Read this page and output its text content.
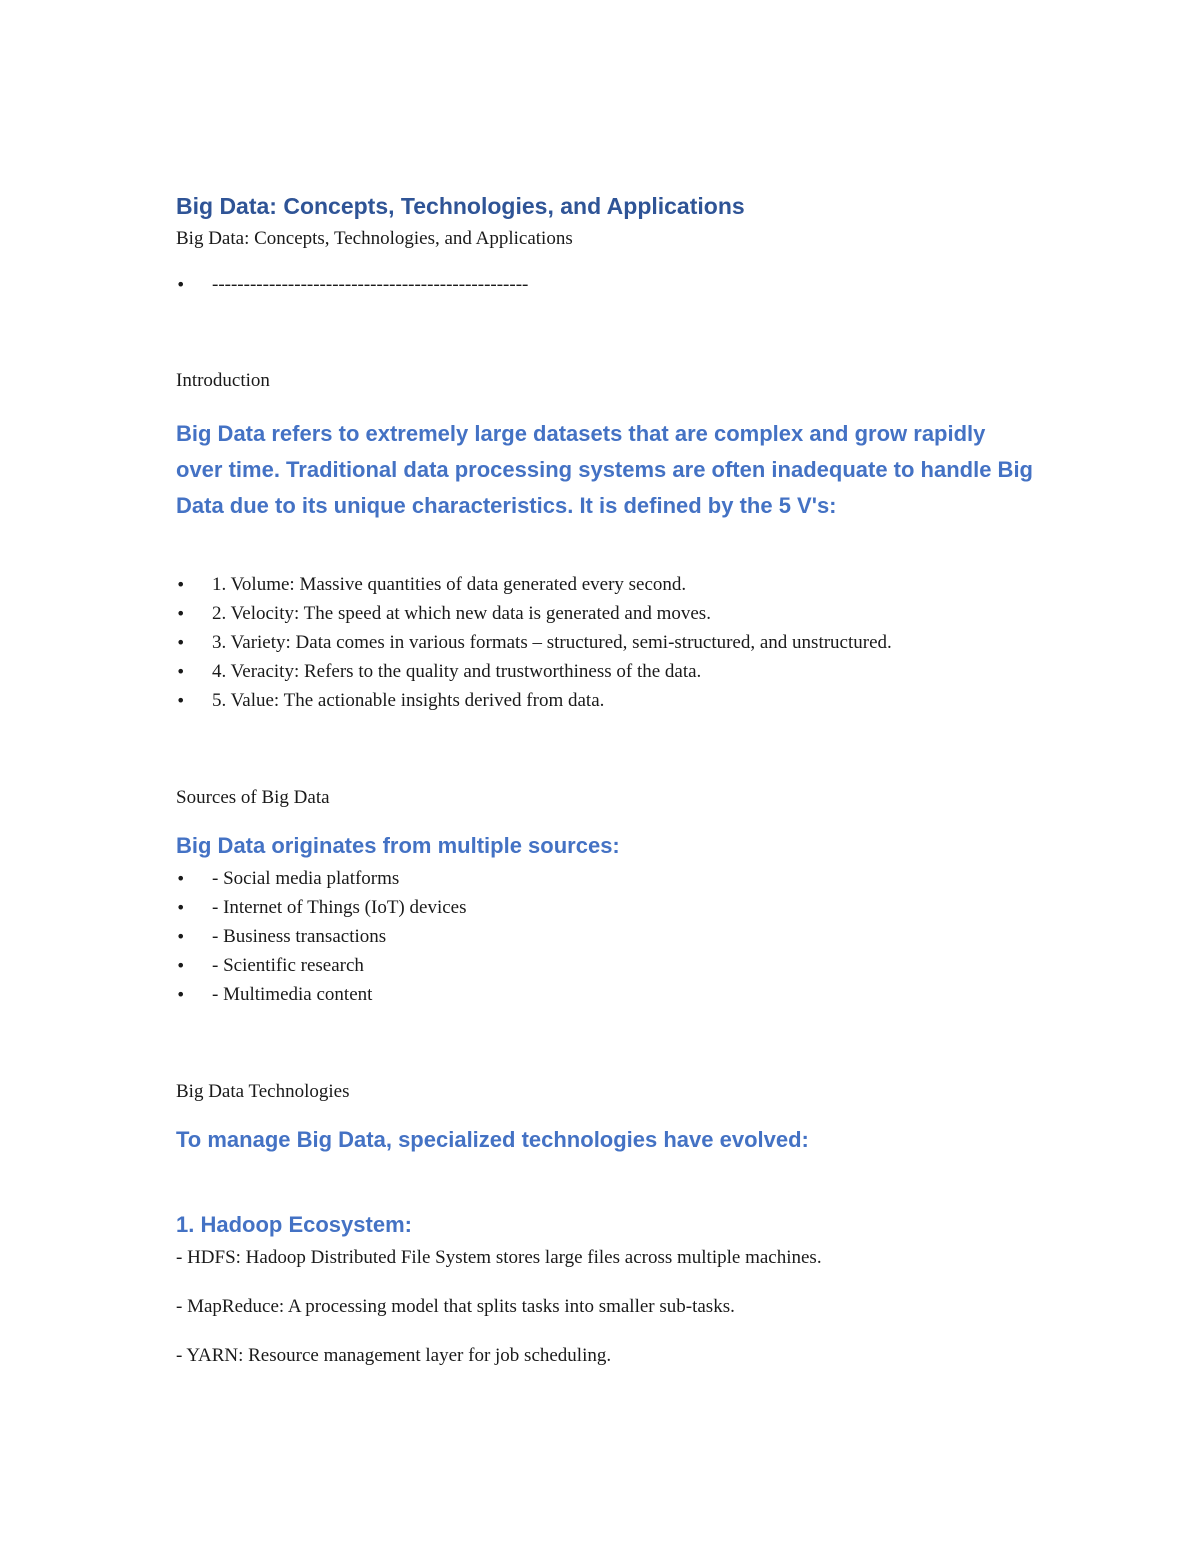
Big Data: Concepts, Technologies, and Applications

Big Data: Concepts, Technologies, and Applications

• --------------------------------------------------

Introduction

Big Data refers to extremely large datasets that are complex and grow rapidly over time. Traditional data processing systems are often inadequate to handle Big Data due to its unique characteristics. It is defined by the 5 V's:

• 1. Volume: Massive quantities of data generated every second.
• 2. Velocity: The speed at which new data is generated and moves.
• 3. Variety: Data comes in various formats – structured, semi-structured, and unstructured.
• 4. Veracity: Refers to the quality and trustworthiness of the data.
• 5. Value: The actionable insights derived from data.

Sources of Big Data

Big Data originates from multiple sources:

• - Social media platforms
• - Internet of Things (IoT) devices
• - Business transactions
• - Scientific research
• - Multimedia content

Big Data Technologies

To manage Big Data, specialized technologies have evolved:

1. Hadoop Ecosystem:

- HDFS: Hadoop Distributed File System stores large files across multiple machines.

- MapReduce: A processing model that splits tasks into smaller sub-tasks.

- YARN: Resource management layer for job scheduling.
